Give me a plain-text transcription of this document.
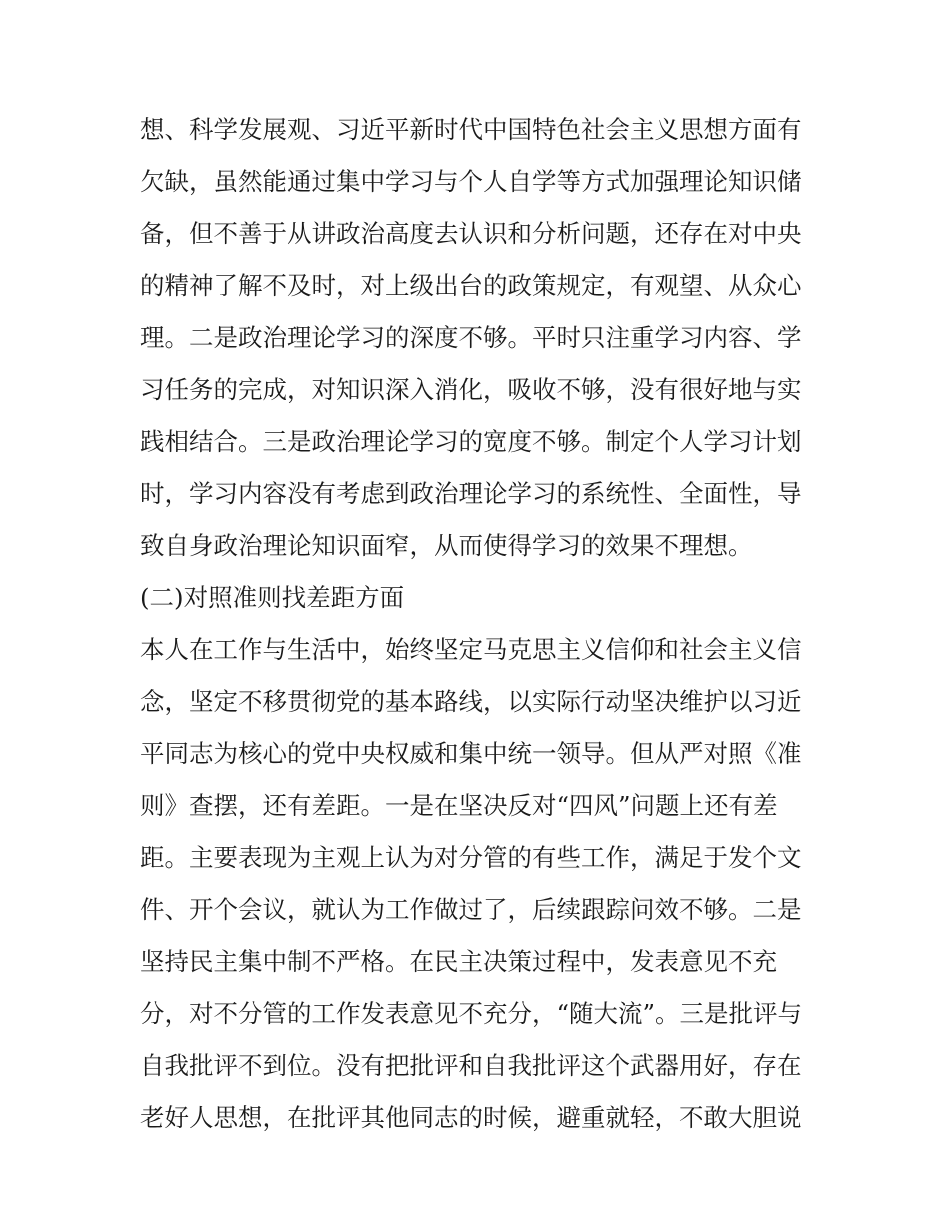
想、科学发展观、习近平新时代中国特色社会主义思想方面有
欠缺，虽然能通过集中学习与个人自学等方式加强理论知识储
备，但不善于从讲政治高度去认识和分析问题，还存在对中央
的精神了解不及时，对上级出台的政策规定，有观望、从众心
理。二是政治理论学习的深度不够。平时只注重学习内容、学
习任务的完成，对知识深入消化，吸收不够，没有很好地与实
践相结合。三是政治理论学习的宽度不够。制定个人学习计划
时，学习内容没有考虑到政治理论学习的系统性、全面性，导
致自身政治理论知识面窄，从而使得学习的效果不理想。
(二)对照准则找差距方面
本人在工作与生活中，始终坚定马克思主义信仰和社会主义信
念，坚定不移贯彻党的基本路线，以实际行动坚决维护以习近
平同志为核心的党中央权威和集中统一领导。但从严对照《准
则》查摆，还有差距。一是在坚决反对“四风”问题上还有差
距。主要表现为主观上认为对分管的有些工作，满足于发个文
件、开个会议，就认为工作做过了，后续跟踪问效不够。二是
坚持民主集中制不严格。在民主决策过程中，发表意见不充
分，对不分管的工作发表意见不充分，“随大流”。三是批评与
自我批评不到位。没有把批评和自我批评这个武器用好，存在
老好人思想，在批评其他同志的时候，避重就轻，不敢大胆说
